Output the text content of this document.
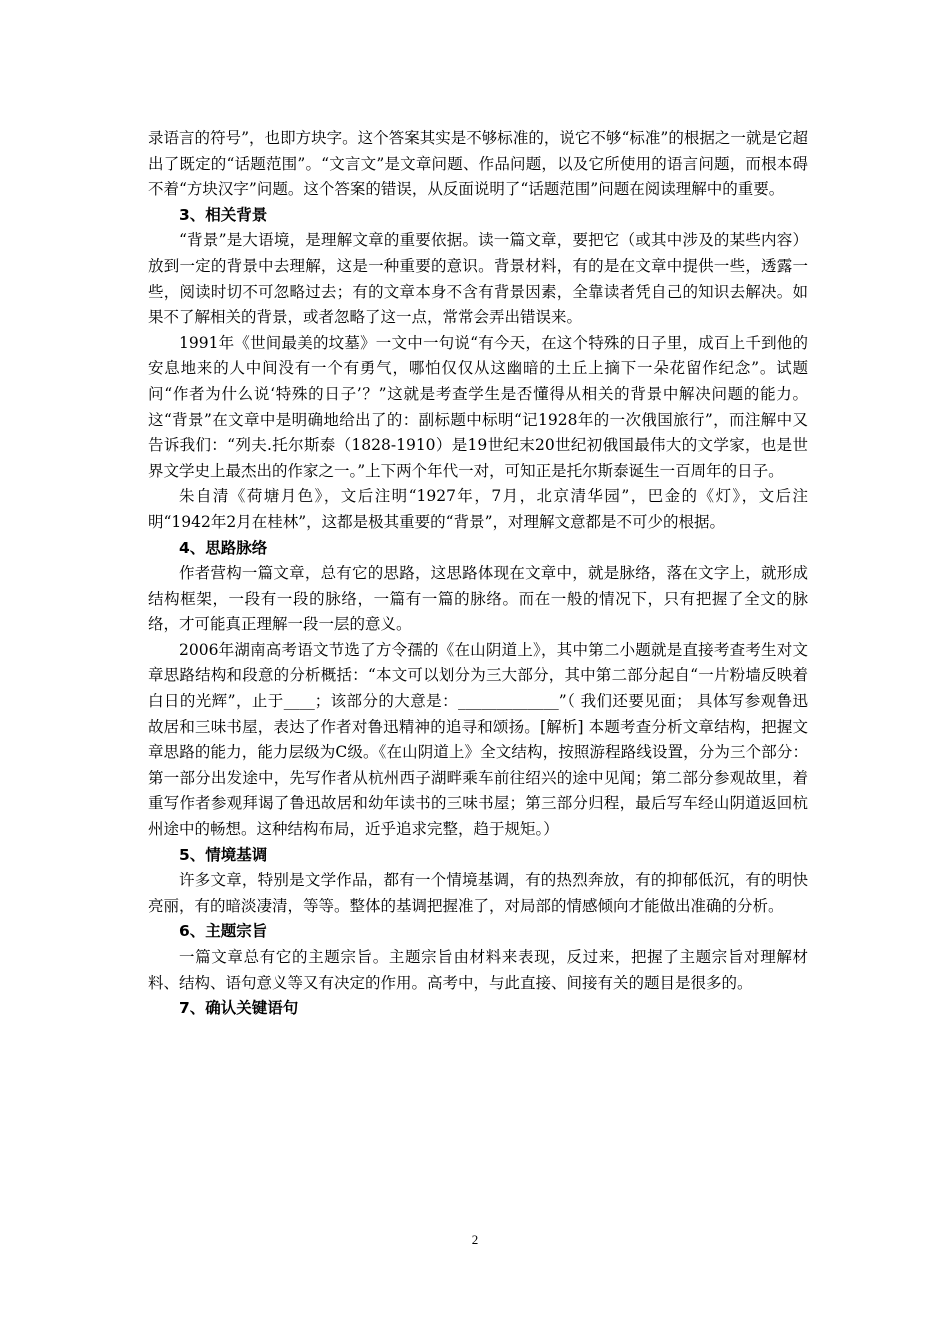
录语言的符号”，也即方块字。这个答案其实是不够标准的，说它不够“标准”的根据之一就是它超出了既定的“话题范围”。“文言文”是文章问题、作品问题，以及它所使用的语言问题，而根本碍不着“方块汉字”问题。这个答案的错误，从反面说明了“话题范围”问题在阅读理解中的重要。

3、相关背景

“背景”是大语境，是理解文章的重要依据。读一篇文章，要把它（或其中涉及的某些内容）放到一定的背景中去理解，这是一种重要的意识。背景材料，有的是在文章中提供一些，透露一些，阅读时切不可忽略过去；有的文章本身不含有背景因素，全靠读者凭自己的知识去解决。如果不了解相关的背景，或者忽略了这一点，常常会弄出错误来。

1991年《世间最美的坟墓》一文中一句说“有今天，在这个特殊的日子里，成百上千到他的安息地来的人中间没有一个有勇气，哪怕仅仅从这幽暗的土丘上摘下一朵花留作纪念”。试题问“作者为什么说‘特殊的日子’？”这就是考查学生是否懂得从相关的背景中解决问题的能力。这“背景”在文章中是明确地给出了的：副标题中标明“记1928年的一次俄国旅行”，而注解中又告诉我们：“列夫.托尔斯泰（1828-1910）是19世纪末20世纪初俄国最伟大的文学家，也是世界文学史上最杰出的作家之一。”上下两个年代一对，可知正是托尔斯泰诞生一百周年的日子。

朱自清《荷塘月色》，文后注明“1927年，7月，北京清华园”，巴金的《灯》，文后注明“1942年2月在桂林”，这都是极其重要的“背景”，对理解文意都是不可少的根据。

4、思路脉络

作者营构一篇文章，总有它的思路，这思路体现在文章中，就是脉络，落在文字上，就形成结构框架，一段有一段的脉络，一篇有一篇的脉络。而在一般的情况下，只有把握了全文的脉络，才可能真正理解一段一层的意义。

2006年湖南高考语文节选了方令孺的《在山阴道上》，其中第二小题就是直接考查考生对文章思路结构和段意的分析概括：“本文可以划分为三大部分，其中第二部分起自“一片粉墙反映着白日的光辉”，止于____；该部分的大意是：_____________”（ 我们还要见面； 具体写参观鲁迅故居和三味书屋，表达了作者对鲁迅精神的追寻和颂扬。[解析] 本题考查分析文章结构，把握文章思路的能力，能力层级为C级。《在山阴道上》全文结构，按照游程路线设置，分为三个部分：第一部分出发途中，先写作者从杭州西子湖畔乘车前往绍兴的途中见闻；第二部分参观故里，着重写作者参观拜谒了鲁迅故居和幼年读书的三味书屋；第三部分归程，最后写车经山阴道返回杭州途中的畅想。这种结构布局，近乎追求完整，趋于规矩。）

5、情境基调

许多文章，特别是文学作品，都有一个情境基调，有的热烈奔放，有的抑郁低沉，有的明快亮丽，有的暗淡凄清，等等。整体的基调把握准了，对局部的情感倾向才能做出准确的分析。

6、主题宗旨

一篇文章总有它的主题宗旨。主题宗旨由材料来表现，反过来，把握了主题宗旨对理解材料、结构、语句意义等又有决定的作用。高考中，与此直接、间接有关的题目是很多的。

7、确认关键语句

2
